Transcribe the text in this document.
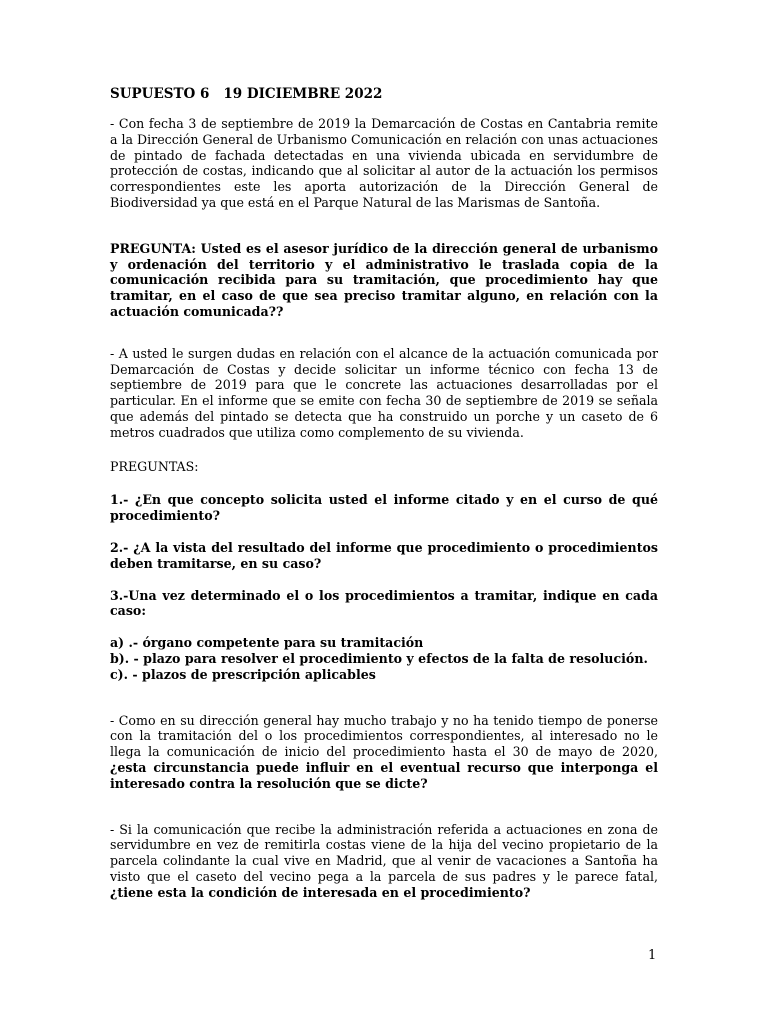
SUPUESTO 6 19 DICIEMBRE 2022

- Con fecha 3 de septiembre de 2019 la Demarcación de Costas en Cantabria remite a la Dirección General de Urbanismo Comunicación en relación con unas actuaciones de pintado de fachada detectadas en una vivienda ubicada en servidumbre de protección de costas, indicando que al solicitar al autor de la actuación los permisos correspondientes este les aporta autorización de la Dirección General de Biodiversidad ya que está en el Parque Natural de las Marismas de Santoña.

PREGUNTA: Usted es el asesor jurídico de la dirección general de urbanismo y ordenación del territorio y el administrativo le traslada copia de la comunicación recibida para su tramitación, que procedimiento hay que tramitar, en el caso de que sea preciso tramitar alguno, en relación con la actuación comunicada??

- A usted le surgen dudas en relación con el alcance de la actuación comunicada por Demarcación de Costas y decide solicitar un informe técnico con fecha 13 de septiembre de 2019 para que le concrete las actuaciones desarrolladas por el particular. En el informe que se emite con fecha 30 de septiembre de 2019 se señala que además del pintado se detecta que ha construido un porche y un caseto de 6 metros cuadrados que utiliza como complemento de su vivienda.

PREGUNTAS:

1.- ¿En que concepto solicita usted el informe citado y en el curso de qué procedimiento?

2.- ¿A la vista del resultado del informe que procedimiento o procedimientos deben tramitarse, en su caso?

3.-Una vez determinado el o los procedimientos a tramitar, indique en cada caso:

a) .- órgano competente para su tramitación

b). - plazo para resolver el procedimiento y efectos de la falta de resolución.

c). - plazos de prescripción aplicables

- Como en su dirección general hay mucho trabajo y no ha tenido tiempo de ponerse con la tramitación del o los procedimientos correspondientes, al interesado no le llega la comunicación de inicio del procedimiento hasta el 30 de mayo de 2020, ¿esta circunstancia puede influir en el eventual recurso que interponga el interesado contra la resolución que se dicte?

- Si la comunicación que recibe la administración referida a actuaciones en zona de servidumbre en vez de remitirla costas viene de la hija del vecino propietario de la parcela colindante la cual vive en Madrid, que al venir de vacaciones a Santoña ha visto que el caseto del vecino pega a la parcela de sus padres y le parece fatal, ¿tiene esta la condición de interesada en el procedimiento?

1
